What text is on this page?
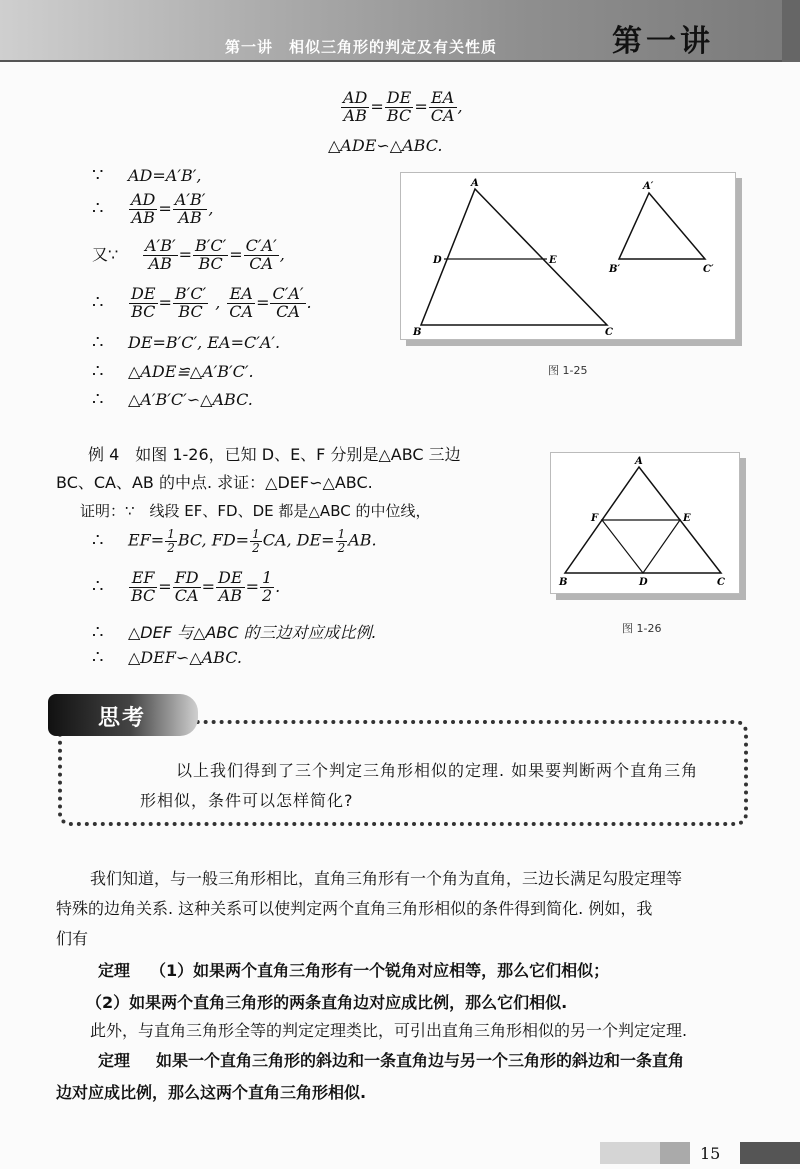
第一讲　相似三角形的判定及有关性质	第一讲
$\frac{AD}{AB} = \frac{DE}{BC} = \frac{EA}{CA}$ ,
△ADE∽△ABC.
∵ AD=A′B′,
∴ $\frac{AD}{AB} = \frac{A'B'}{AB}$ ,
又∵ $\frac{A'B'}{AB} = \frac{B'C'}{BC} = \frac{C'A'}{CA}$ ,
∴ $\frac{DE}{BC} = \frac{B'C'}{BC}$ , $\frac{EA}{CA} = \frac{C'A'}{CA}$ .
∴ DE=B′C′, EA=C′A′.
∴ △ADE≌△A′B′C′.
∴ △A′B′C′∽△ABC.
A
B	C
D	E
A′
B′	C′
图 1-25
例 4　如图 1-26，已知 D、E、F 分别是△ABC 三边
BC、CA、AB 的中点. 求证：△DEF∽△ABC.
证明：∵　线段 EF、FD、DE 都是△ABC 的中位线，
∴ $EF= \frac{1}{2}$ BC, $FD= \frac{1}{2}$ CA, $DE= \frac{1}{2}$ AB.
∴ $\frac{EF}{BC} = \frac{FD}{CA} = \frac{DE}{AB} = \frac{1}{2}$ .
∴ △DEF 与△ABC 的三边对应成比例.
∴ △DEF∽△ABC.
A
B	C
D
E
F
图 1-26
思考
以上我们得到了三个判定三角形相似的定理. 如果要判断两个直角三角
形相似，条件可以怎样简化?
我们知道，与一般三角形相比，直角三角形有一个角为直角，三边长满足勾股定理等
特殊的边角关系. 这种关系可以使判定两个直角三角形相似的条件得到简化. 例如，我
们有
定理 （1）如果两个直角三角形有一个锐角对应相等，那么它们相似；
（2）如果两个直角三角形的两条直角边对应成比例，那么它们相似.
此外，与直角三角形全等的判定定理类比，可引出直角三角形相似的另一个判定定理.
定理 如果一个直角三角形的斜边和一条直角边与另一个三角形的斜边和一条直角
边对应成比例，那么这两个直角三角形相似.
15
